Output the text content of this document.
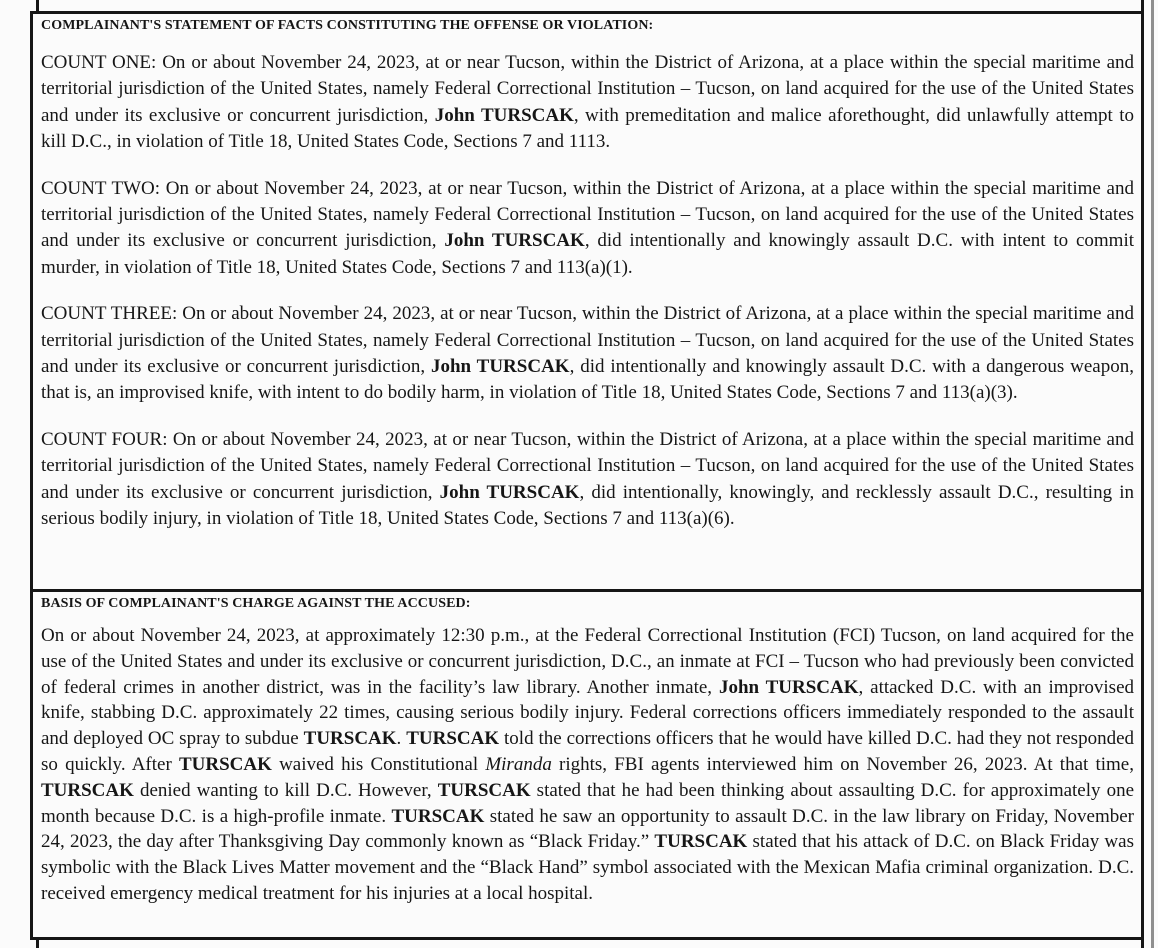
COMPLAINANT'S STATEMENT OF FACTS CONSTITUTING THE OFFENSE OR VIOLATION:

COUNT ONE: On or about November 24, 2023, at or near Tucson, within the District of Arizona, at a place within the special maritime and territorial jurisdiction of the United States, namely Federal Correctional Institution – Tucson, on land acquired for the use of the United States and under its exclusive or concurrent jurisdiction, John TURSCAK, with premeditation and malice aforethought, did unlawfully attempt to kill D.C., in violation of Title 18, United States Code, Sections 7 and 1113.

COUNT TWO: On or about November 24, 2023, at or near Tucson, within the District of Arizona, at a place within the special maritime and territorial jurisdiction of the United States, namely Federal Correctional Institution – Tucson, on land acquired for the use of the United States and under its exclusive or concurrent jurisdiction, John TURSCAK, did intentionally and knowingly assault D.C. with intent to commit murder, in violation of Title 18, United States Code, Sections 7 and 113(a)(1).

COUNT THREE: On or about November 24, 2023, at or near Tucson, within the District of Arizona, at a place within the special maritime and territorial jurisdiction of the United States, namely Federal Correctional Institution – Tucson, on land acquired for the use of the United States and under its exclusive or concurrent jurisdiction, John TURSCAK, did intentionally and knowingly assault D.C. with a dangerous weapon, that is, an improvised knife, with intent to do bodily harm, in violation of Title 18, United States Code, Sections 7 and 113(a)(3).

COUNT FOUR: On or about November 24, 2023, at or near Tucson, within the District of Arizona, at a place within the special maritime and territorial jurisdiction of the United States, namely Federal Correctional Institution – Tucson, on land acquired for the use of the United States and under its exclusive or concurrent jurisdiction, John TURSCAK, did intentionally, knowingly, and recklessly assault D.C., resulting in serious bodily injury, in violation of Title 18, United States Code, Sections 7 and 113(a)(6).

BASIS OF COMPLAINANT'S CHARGE AGAINST THE ACCUSED:

On or about November 24, 2023, at approximately 12:30 p.m., at the Federal Correctional Institution (FCI) Tucson, on land acquired for the use of the United States and under its exclusive or concurrent jurisdiction, D.C., an inmate at FCI – Tucson who had previously been convicted of federal crimes in another district, was in the facility’s law library. Another inmate, John TURSCAK, attacked D.C. with an improvised knife, stabbing D.C. approximately 22 times, causing serious bodily injury. Federal corrections officers immediately responded to the assault and deployed OC spray to subdue TURSCAK. TURSCAK told the corrections officers that he would have killed D.C. had they not responded so quickly. After TURSCAK waived his Constitutional Miranda rights, FBI agents interviewed him on November 26, 2023. At that time, TURSCAK denied wanting to kill D.C. However, TURSCAK stated that he had been thinking about assaulting D.C. for approximately one month because D.C. is a high-profile inmate. TURSCAK stated he saw an opportunity to assault D.C. in the law library on Friday, November 24, 2023, the day after Thanksgiving Day commonly known as “Black Friday.” TURSCAK stated that his attack of D.C. on Black Friday was symbolic with the Black Lives Matter movement and the “Black Hand” symbol associated with the Mexican Mafia criminal organization. D.C. received emergency medical treatment for his injuries at a local hospital.
